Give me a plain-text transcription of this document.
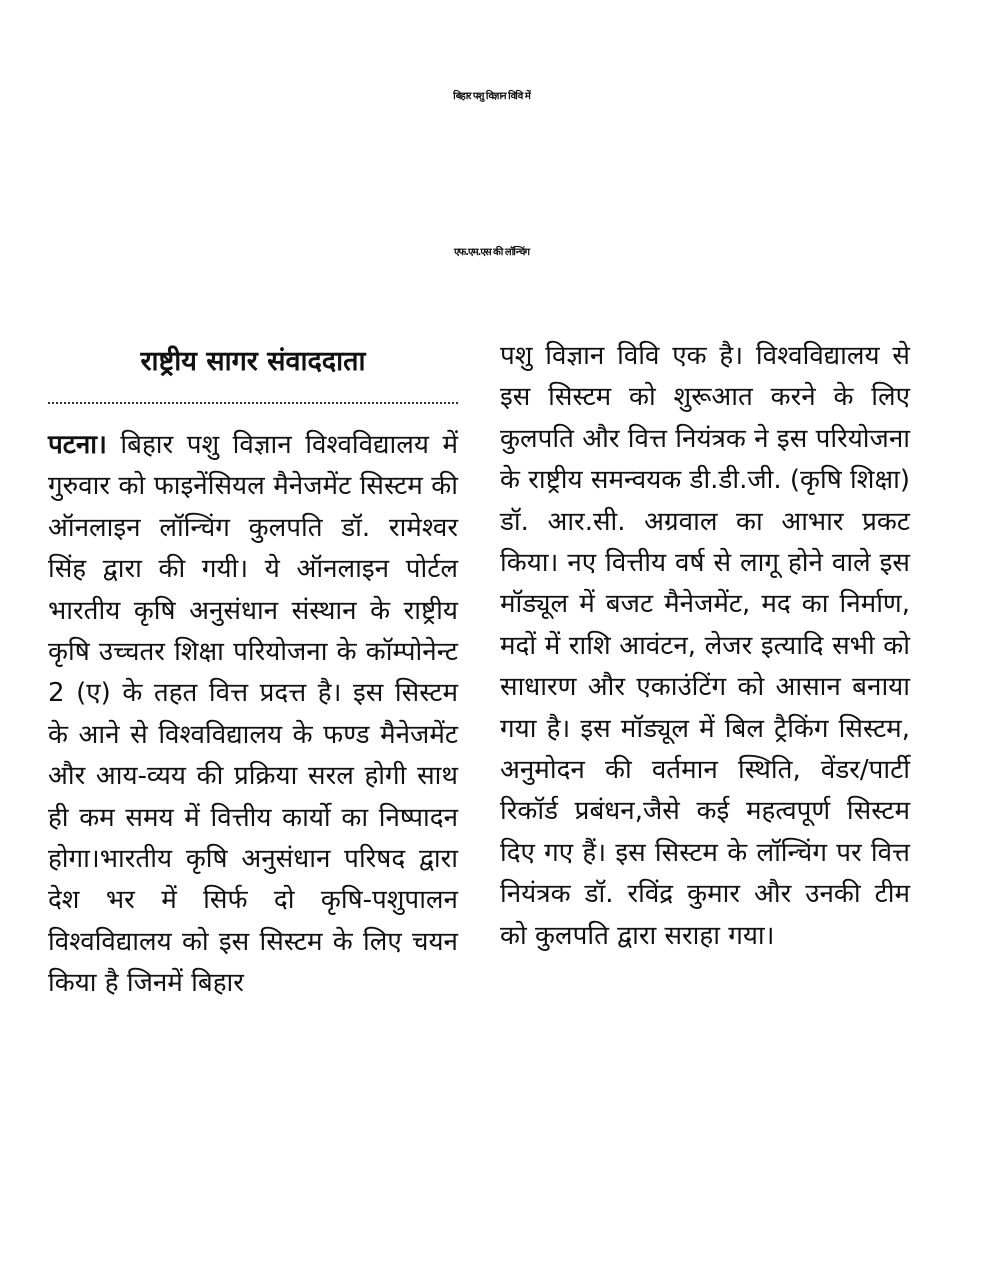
बिहार पशु विज्ञान विवि में
एफ.एम.एस की लॉन्चिंग
राष्ट्रीय सागर संवाददाता

पटना। बिहार पशु विज्ञान विश्वविद्यालय में गुरुवार को फाइनेंसियल मैनेजमेंट सिस्टम की ऑनलाइन लॉन्चिंग कुलपति डॉ. रामेश्वर सिंह द्वारा की गयी। ये ऑनलाइन पोर्टल भारतीय कृषि अनुसंधान संस्थान के राष्ट्रीय कृषि उच्चतर शिक्षा परियोजना के कॉम्पोनेन्ट 2 (ए) के तहत वित्त प्रदत्त है। इस सिस्टम के आने से विश्वविद्यालय के फण्ड मैनेजमेंट और आय-व्यय की प्रक्रिया सरल होगी साथ ही कम समय में वित्तीय कार्यो का निष्पादन होगा।भारतीय कृषि अनुसंधान परिषद द्वारा देश भर में सिर्फ दो कृषि-पशुपालन विश्वविद्यालय को इस सिस्टम के लिए चयन किया है जिनमें बिहार

पशु विज्ञान विवि एक है। विश्वविद्यालय से इस सिस्टम को शुरूआत करने के लिए कुलपति और वित्त नियंत्रक ने इस परियोजना के राष्ट्रीय समन्वयक डी.डी.जी. (कृषि शिक्षा) डॉ. आर.सी. अग्रवाल का आभार प्रकट किया। नए वित्तीय वर्ष से लागू होने वाले इस मॉड्यूल में बजट मैनेजमेंट, मद का निर्माण, मदों में राशि आवंटन, लेजर इत्यादि सभी को साधारण और एकाउंटिंग को आसान बनाया गया है। इस मॉड्यूल में बिल ट्रैकिंग सिस्टम, अनुमोदन की वर्तमान स्थिति, वेंडर/पार्टी रिकॉर्ड प्रबंधन,जैसे कई महत्वपूर्ण सिस्टम दिए गए हैं। इस सिस्टम के लॉन्चिंग पर वित्त नियंत्रक डॉ. रविंद्र कुमार और उनकी टीम को कुलपति द्वारा सराहा गया।
